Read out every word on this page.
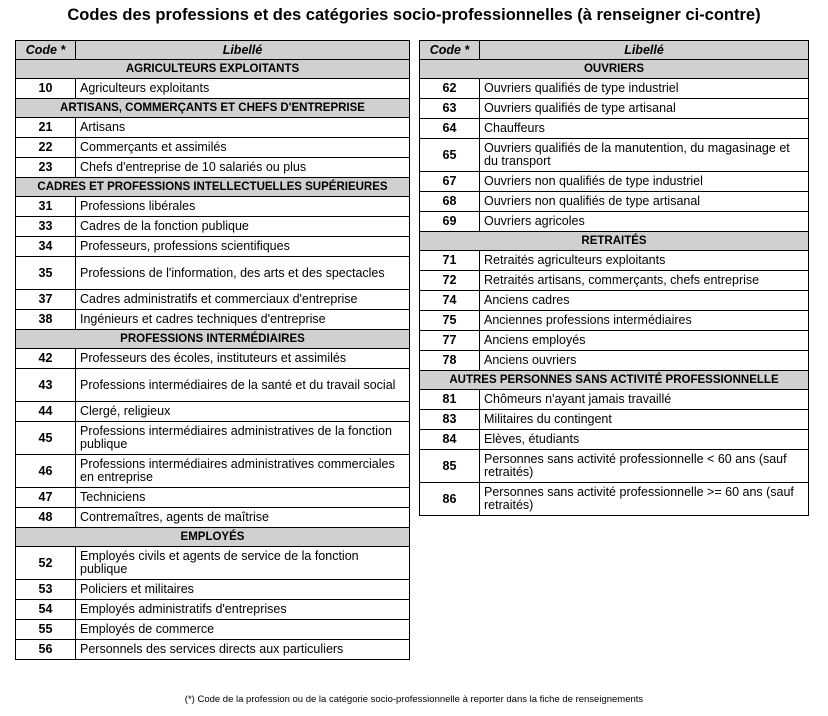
Codes des professions et des catégories socio-professionnelles (à renseigner ci-contre)
Code *	Libellé
AGRICULTEURS EXPLOITANTS	
10	Agriculteurs exploitants
ARTISANS, COMMERÇANTS ET CHEFS D'ENTREPRISE	
21	Artisans
22	Commerçants et assimilés
23	Chefs d'entreprise de 10 salariés ou plus
CADRES ET PROFESSIONS INTELLECTUELLES SUPÉRIEURES	
31	Professions libérales
33	Cadres de la fonction publique
34	Professeurs, professions scientifiques
35	Professions de l'information, des arts et des spectacles
37	Cadres administratifs et commerciaux d'entreprise
38	Ingénieurs et cadres techniques d'entreprise
PROFESSIONS INTERMÉDIAIRES	
42	Professeurs des écoles, instituteurs et assimilés
43	Professions intermédiaires de la santé et du travail social
44	Clergé, religieux
45	Professions intermédiaires administratives de la fonction publique
46	Professions intermédiaires administratives commerciales en entreprise
47	Techniciens
48	Contremaîtres, agents de maîtrise
EMPLOYÉS	
52	Employés civils et agents de service de la fonction publique
53	Policiers et militaires
54	Employés administratifs d'entreprises
55	Employés de commerce
56	Personnels des services directs aux particuliers
Code *	Libellé
OUVRIERS	
62	Ouvriers qualifiés de type industriel
63	Ouvriers qualifiés de type artisanal
64	Chauffeurs
65	Ouvriers qualifiés de la manutention, du magasinage et du transport
67	Ouvriers non qualifiés de type industriel
68	Ouvriers non qualifiés de type artisanal
69	Ouvriers agricoles
RETRAITÉS	
71	Retraités agriculteurs exploitants
72	Retraités artisans, commerçants, chefs entreprise
74	Anciens cadres
75	Anciennes professions intermédiaires
77	Anciens employés
78	Anciens ouvriers
AUTRES PERSONNES SANS ACTIVITÉ PROFESSIONNELLE	
81	Chômeurs n'ayant jamais travaillé
83	Militaires du contingent
84	Elèves, étudiants
85	Personnes sans activité professionnelle < 60 ans (sauf retraités)
86	Personnes sans activité professionnelle >= 60 ans (sauf retraités)
(*) Code de la profession ou de la catégorie socio-professionnelle à reporter dans la fiche de renseignements
